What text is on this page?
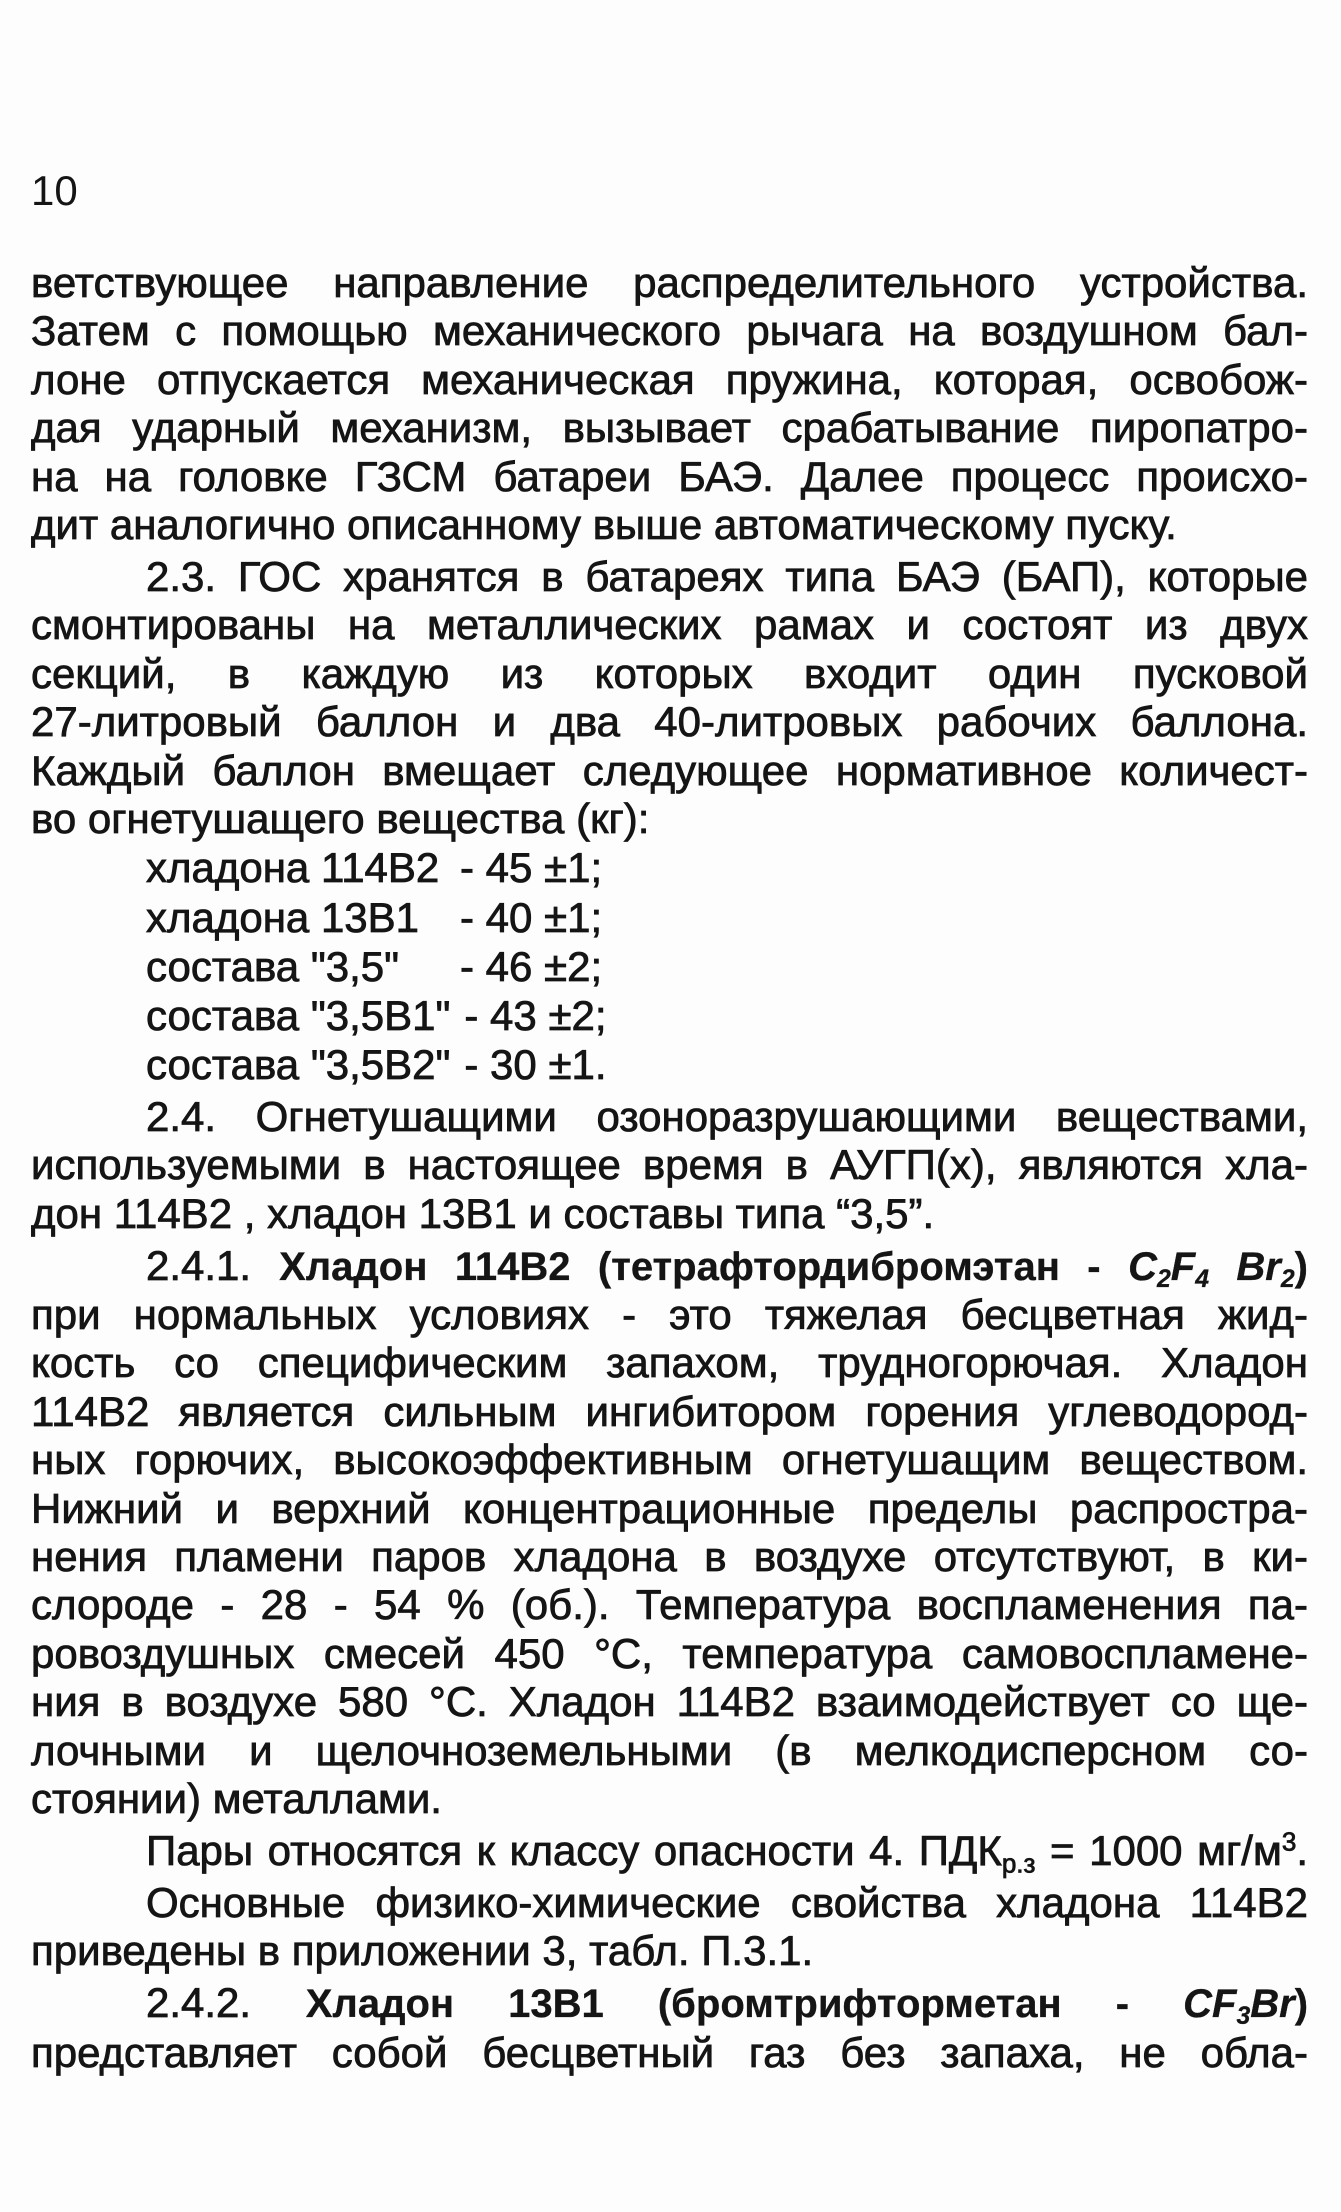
10
ветствующее направление распределительного устройства.
Затем с помощью механического рычага на воздушном бал-
лоне отпускается механическая пружина, которая, освобож-
дая ударный механизм, вызывает срабатывание пиропатро-
на на головке ГЗСМ батареи БАЭ. Далее процесс происхо-
дит аналогично описанному выше автоматическому пуску.
2.3. ГОС хранятся в батареях типа БАЭ (БАП), которые
смонтированы на металлических рамах и состоят из двух
секций, в каждую из которых входит один пусковой
27-литровый баллон и два 40-литровых рабочих баллона.
Каждый баллон вмещает следующее нормативное количест-
во огнетушащего вещества (кг):
хладона 114В2 - 45 ±1;
хладона 13В1 - 40 ±1;
состава "3,5" - 46 ±2;
состава "3,5В1" - 43 ±2;
состава "3,5В2" - 30 ±1.
2.4. Огнетушащими озоноразрушающими веществами,
используемыми в настоящее время в АУГП(х), являются хла-
дон 114В2 , хладон 13В1 и составы типа “3,5”.
2.4.1. Хладон 114В2 (тетрафтордибромэтан - $C_2F_4$ $Br_2$)
при нормальных условиях - это тяжелая бесцветная жид-
кость со специфическим запахом, трудногорючая. Хладон
114В2 является сильным ингибитором горения углеводород-
ных горючих, высокоэффективным огнетушащим веществом.
Нижний и верхний концентрационные пределы распростра-
нения пламени паров хладона в воздухе отсутствуют, в ки-
слороде - 28 - 54 % (об.). Температура воспламенения па-
ровоздушных смесей 450 °С, температура самовоспламене-
ния в воздухе 580 °С. Хладон 114В2 взаимодействует со ще-
лочными и щелочноземельными (в мелкодисперсном со-
стоянии) металлами.
Пары относятся к классу опасности 4. $ПДК_{р.з} = 1000$ $мг/м^3$.
Основные физико-химические свойства хладона 114В2
приведены в приложении 3, табл. П.3.1.
2.4.2. Хладон 13В1 (бромтрифторметан - $CF_3Br$)
представляет собой бесцветный газ без запаха, не обла-
